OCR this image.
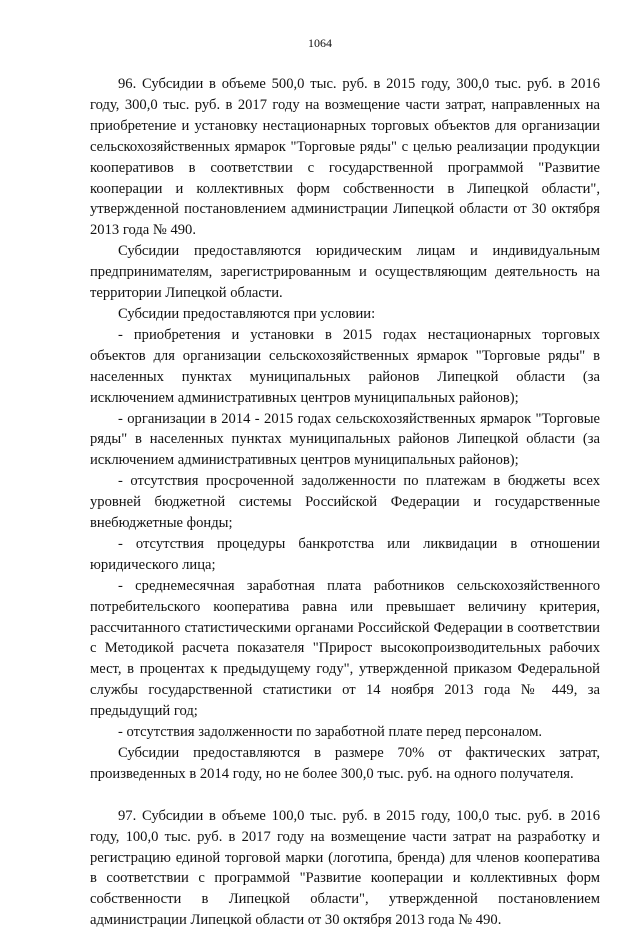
1064

96. Субсидии в объеме 500,0 тыс. руб. в 2015 году, 300,0 тыс. руб. в 2016 году, 300,0 тыс. руб. в 2017 году на возмещение части затрат, направленных на приобретение и установку нестационарных торговых объектов для организации сельскохозяйственных ярмарок "Торговые ряды" с целью реализации продукции кооперативов в соответствии с государственной программой "Развитие кооперации и коллективных форм собственности в Липецкой области", утвержденной постановлением администрации Липецкой области от 30 октября 2013 года № 490.

Субсидии предоставляются юридическим лицам и индивидуальным предпринимателям, зарегистрированным и осуществляющим деятельность на территории Липецкой области.

Субсидии предоставляются при условии:

- приобретения и установки в 2015 годах нестационарных торговых объектов для организации сельскохозяйственных ярмарок "Торговые ряды" в населенных пунктах муниципальных районов Липецкой области (за исключением административных центров муниципальных районов);

- организации в 2014 - 2015 годах сельскохозяйственных ярмарок "Торговые ряды" в населенных пунктах муниципальных районов Липецкой области (за исключением административных центров муниципальных районов);

- отсутствия просроченной задолженности по платежам в бюджеты всех уровней бюджетной системы Российской Федерации и государственные внебюджетные фонды;

- отсутствия процедуры банкротства или ликвидации в отношении юридического лица;

- среднемесячная заработная плата работников сельскохозяйственного потребительского кооператива равна или превышает величину критерия, рассчитанного статистическими органами Российской Федерации в соответствии с Методикой расчета показателя "Прирост высокопроизводительных рабочих мест, в процентах к предыдущему году", утвержденной приказом Федеральной службы государственной статистики от 14 ноября 2013 года № 449, за предыдущий год;

- отсутствия задолженности по заработной плате перед персоналом.

Субсидии предоставляются в размере 70% от фактических затрат, произведенных в 2014 году, но не более 300,0 тыс. руб. на одного получателя.

97. Субсидии в объеме 100,0 тыс. руб. в 2015 году, 100,0 тыс. руб. в 2016 году, 100,0 тыс. руб. в 2017 году на возмещение части затрат на разработку и регистрацию единой торговой марки (логотипа, бренда) для членов кооператива в соответствии с программой "Развитие кооперации и коллективных форм собственности в Липецкой области", утвержденной постановлением администрации Липецкой области от 30 октября 2013 года № 490.
